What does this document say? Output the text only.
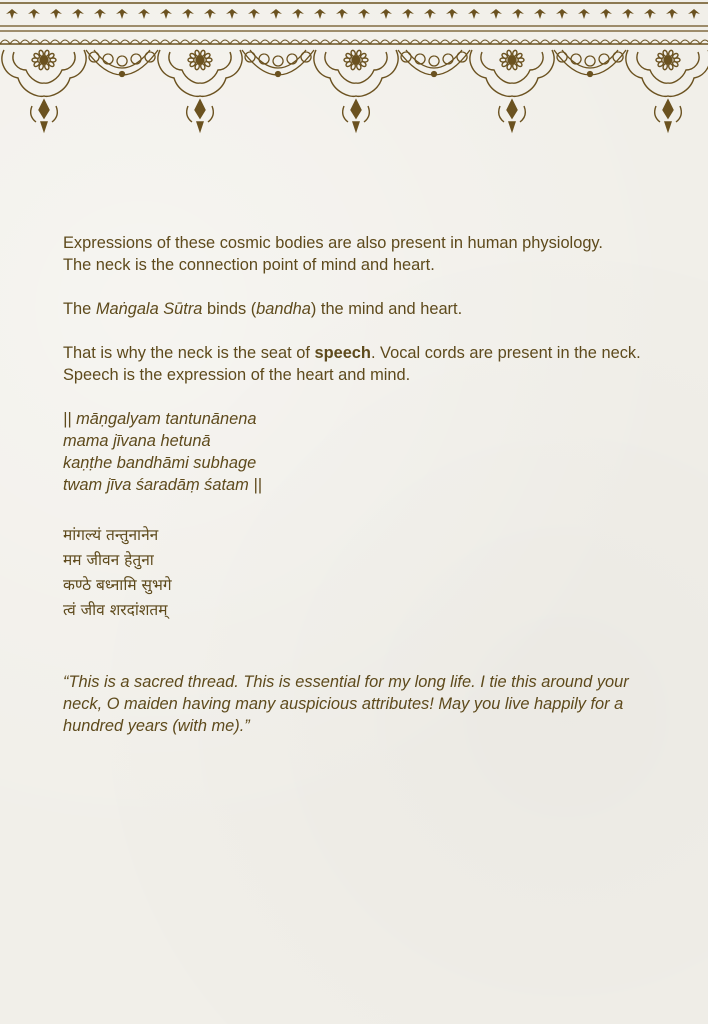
Expressions of these cosmic bodies are also present in human physiology.
The neck is the connection point of mind and heart.

The Maṅgala Sūtra binds (bandha) the mind and heart.

That is why the neck is the seat of speech. Vocal cords are present in the neck. Speech is the expression of the heart and mind.

|| māṇgalyam tantunānena
mama jīvana hetunā
kaṇṭhe bandhāmi subhage
twam jīva śaradāṃ śatam ||
मांगल्यं तन्तुनानेन
मम जीवन हेतुना
कण्ठे बध्नामि सुभगे
त्वं जीव शरदांशतम्

“This is a sacred thread. This is essential for my long life. I tie this around your neck, O maiden having many auspicious attributes! May you live happily for a hundred years (with me).”
